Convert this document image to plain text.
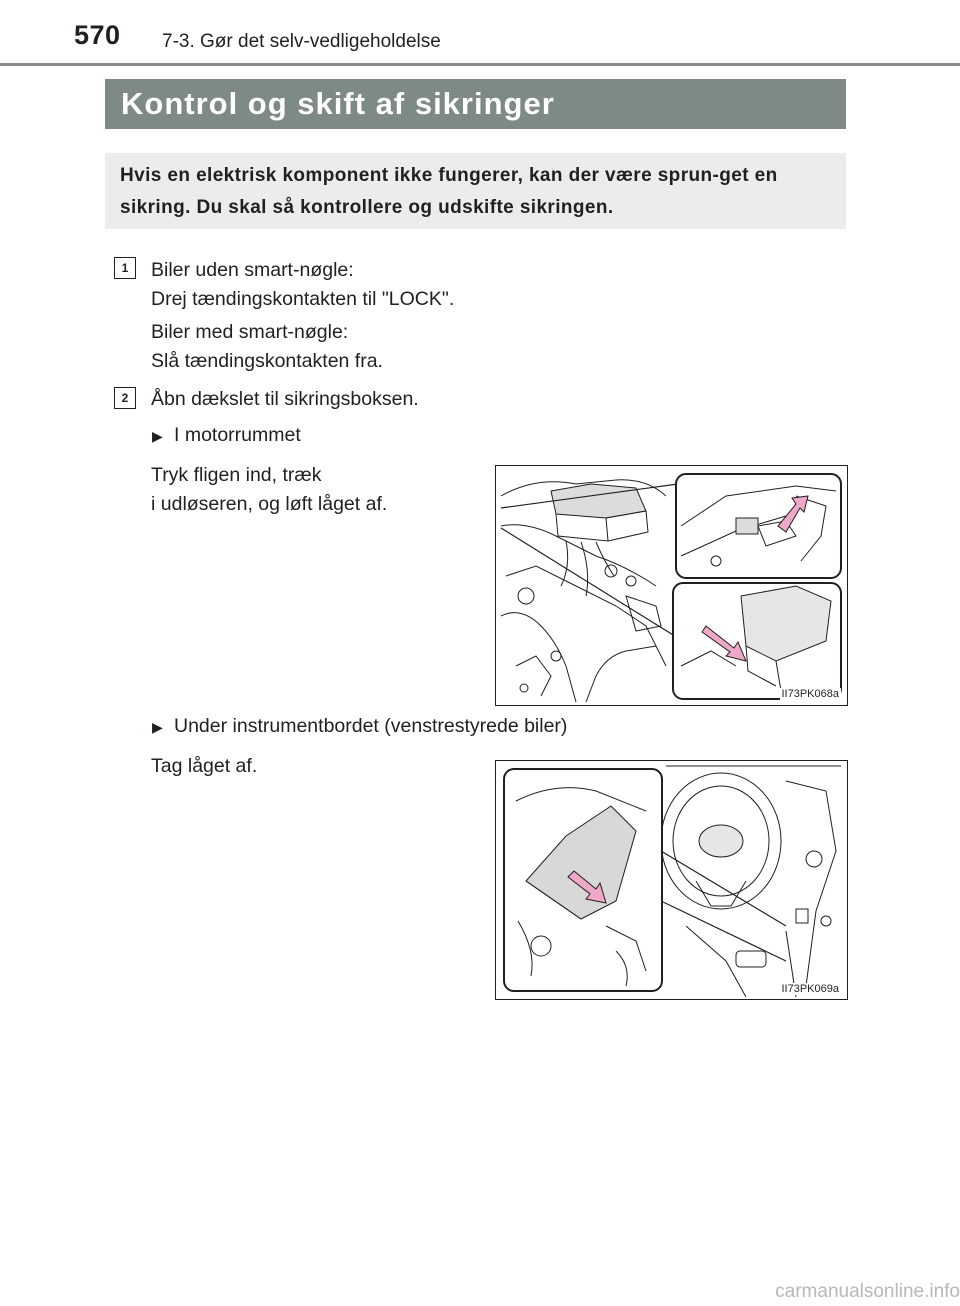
570 7-3. Gør det selv-vedligeholdelse
Kontrol og skift af sikringer
Hvis en elektrisk komponent ikke fungerer, kan der være sprun-get en sikring. Du skal så kontrollere og udskifte sikringen.
1	Biler uden smart-nøgle:
Drej tændingskontakten til "LOCK".
Biler med smart-nøgle:
Slå tændingskontakten fra.
2	Åbn dækslet til sikringsboksen.
▶ I motorrummet
Tryk fligen ind, træk
i udløseren, og løft låget af.
II73PK068a
▶ Under instrumentbordet (venstrestyrede biler)
Tag låget af.
II73PK069a
carmanualsonline.info
